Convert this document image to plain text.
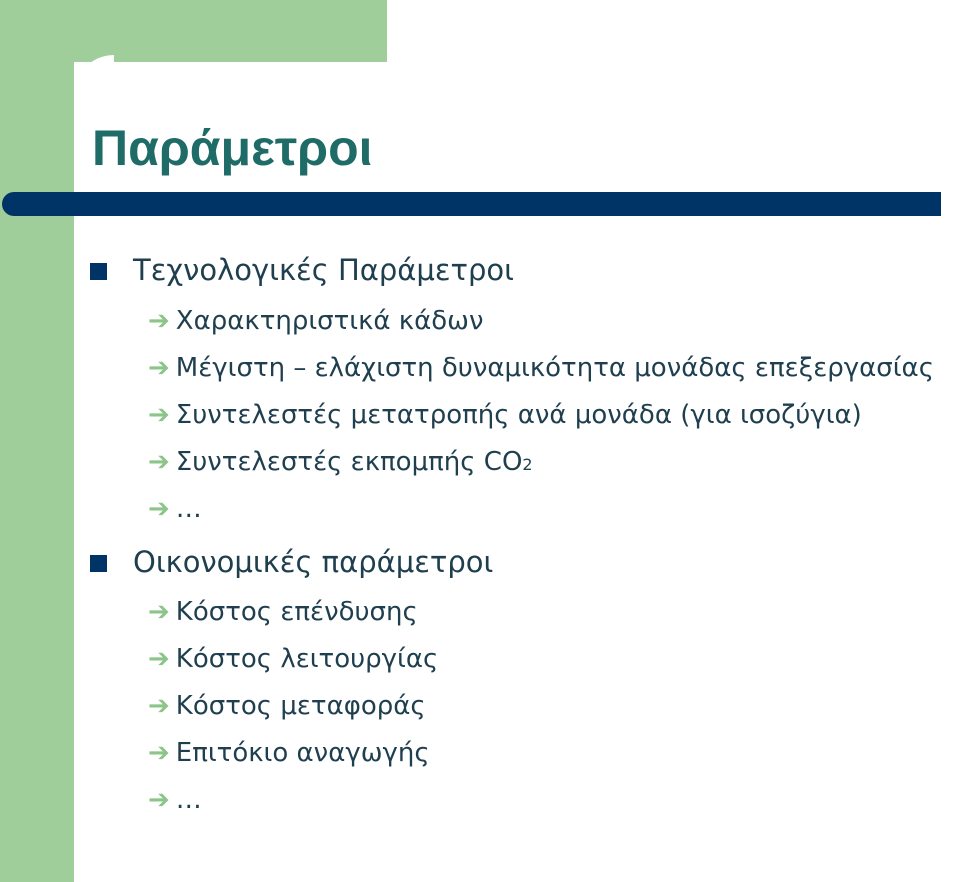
Παράμετροι
Τεχνολογικές Παράμετροι
➔ Χαρακτηριστικά κάδων
➔ Μέγιστη – ελάχιστη δυναμικότητα μονάδας επεξεργασίας
➔ Συντελεστές μετατροπής ανά μονάδα (για ισοζύγια)
➔ Συντελεστές εκπομπής CO 2
➔ …
Οικονομικές παράμετροι
➔ Κόστος επένδυσης
➔ Κόστος λειτουργίας
➔ Κόστος μεταφοράς
➔ Επιτόκιο αναγωγής
➔ …
